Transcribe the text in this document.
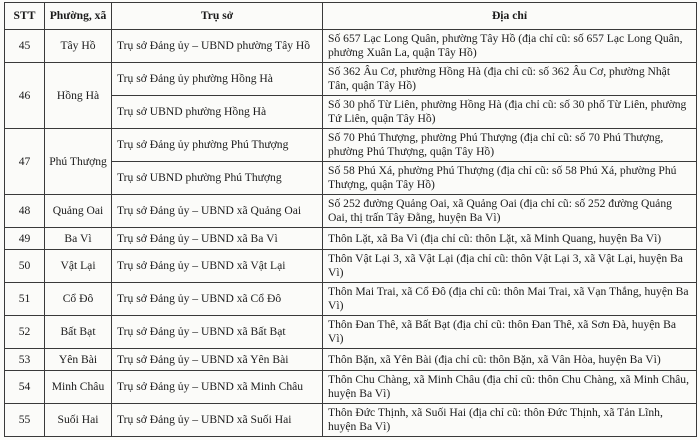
STT	Phường, xã	Trụ sở	Địa chỉ
45	Tây Hồ	Trụ sở Đảng ủy – UBND phường Tây Hồ	Số 657 Lạc Long Quân, phường Tây Hồ (địa chỉ cũ: số 657 Lạc Long Quân, phường Xuân La, quận Tây Hồ)
46	Hồng Hà	Trụ sở Đảng ủy phường Hồng Hà	Số 362 Âu Cơ, phường Hồng Hà (địa chỉ cũ: số 362 Âu Cơ, phường Nhật Tân, quận Tây Hồ)
		Trụ sở UBND phường Hồng Hà	Số 30 phố Từ Liên, phường Hồng Hà (địa chỉ cũ: số 30 phố Từ Liên, phường Tứ Liên, quận Tây Hồ)
47	Phú Thượng	Trụ sở Đảng ủy phường Phú Thượng	Số 70 Phú Thượng, phường Phú Thượng (địa chỉ cũ: số 70 Phú Thượng, phường Phú Thượng, quận Tây Hồ)
		Trụ sở UBND phường Phú Thượng	Số 58 Phú Xá, phường Phú Thượng (địa chỉ cũ: số 58 Phú Xá, phường Phú Thượng, quận Tây Hồ)
48	Quảng Oai	Trụ sở Đảng ủy – UBND xã Quảng Oai	Số 252 đường Quảng Oai, xã Quảng Oai (địa chỉ cũ: số 252 đường Quảng Oai, thị trấn Tây Đằng, huyện Ba Vì)
49	Ba Vì	Trụ sở Đảng ủy – UBND xã Ba Vì	Thôn Lặt, xã Ba Vì (địa chỉ cũ: thôn Lặt, xã Minh Quang, huyện Ba Vì)
50	Vật Lại	Trụ sở Đảng ủy – UBND xã Vật Lại	Thôn Vật Lại 3, xã Vật Lại (địa chỉ cũ: thôn Vật Lại 3, xã Vật Lại, huyện Ba Vì)
51	Cổ Đô	Trụ sở Đảng ủy – UBND xã Cổ Đô	Thôn Mai Trai, xã Cổ Đô (địa chỉ cũ: thôn Mai Trai, xã Vạn Thắng, huyện Ba Vì)
52	Bất Bạt	Trụ sở Đảng ủy – UBND xã Bất Bạt	Thôn Đan Thê, xã Bất Bạt (địa chỉ cũ: thôn Đan Thê, xã Sơn Đà, huyện Ba Vì)
53	Yên Bài	Trụ sở Đảng ủy – UBND xã Yên Bài	Thôn Bặn, xã Yên Bài (địa chỉ cũ: thôn Bặn, xã Vân Hòa, huyện Ba Vì)
54	Minh Châu	Trụ sở Đảng ủy – UBND xã Minh Châu	Thôn Chu Chàng, xã Minh Châu (địa chỉ cũ: thôn Chu Chàng, xã Minh Châu, huyện Ba Vì)
55	Suối Hai	Trụ sở Đảng ủy – UBND xã Suối Hai	Thôn Đức Thịnh, xã Suối Hai (địa chỉ cũ: thôn Đức Thịnh, xã Tản Lĩnh, huyện Ba Vì)
